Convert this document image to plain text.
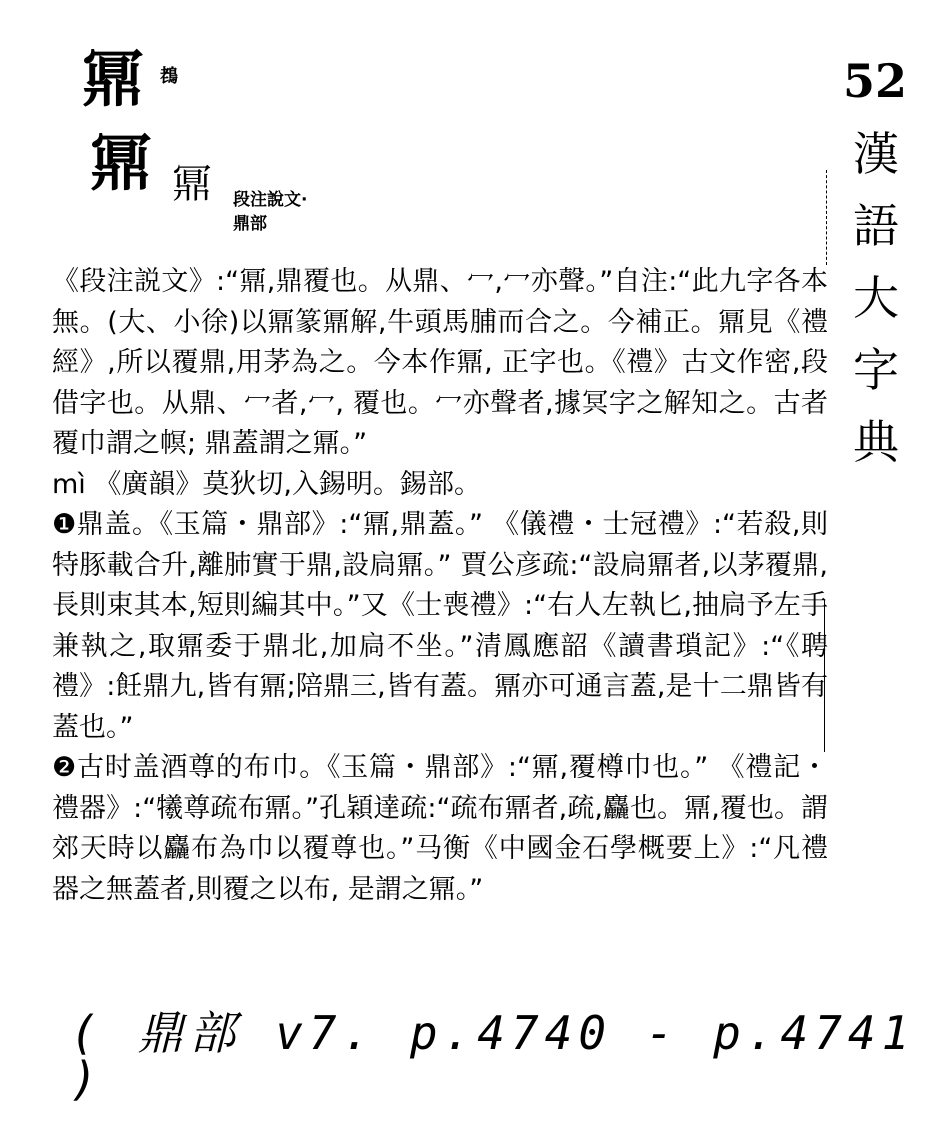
鼏 䳓
鼏 鼏 段注說文·
鼎部
52
漢
語
大
字
典

《段注説文》:“鼏,鼎覆也。从鼎、冖,冖亦聲。”自注:“此九字各本無。(大、小徐)以鼏篆鼏解,牛頭馬脯而合之。今補正。鼏見《禮經》,所以覆鼎,用茅為之。今本作鼏, 正字也。《禮》古文作密,段借字也。从鼎、冖者,冖, 覆也。冖亦聲者,據冥字之解知之。古者覆巾謂之幎; 鼎蓋謂之鼏。”

mì 《廣韻》莫狄切,入錫明。錫部。

❶鼎盖。《玉篇・鼎部》:“鼏,鼎蓋。” 《儀禮・士冠禮》:“若殺,則特豚載合升,離肺實于鼎,設扃鼏。” 賈公彦疏:“設扃鼏者,以茅覆鼎,長則束其本,短則編其中。”又《士喪禮》:“右人左執匕,抽扃予左手兼執之,取鼏委于鼎北,加扃不坐。”清鳳應韶《讀書瑣記》:“《聘禮》:飪鼎九,皆有鼏;陪鼎三,皆有蓋。鼏亦可通言蓋,是十二鼎皆有蓋也。”

❷古时盖酒尊的布巾。《玉篇・鼎部》:“鼏,覆樽巾也。” 《禮記・禮器》:“犧尊疏布鼏。”孔穎達疏:“疏布鼏者,疏,麤也。鼏,覆也。謂郊天時以麤布為巾以覆尊也。”马衡《中國金石學概要上》:“凡禮器之無蓋者,則覆之以布, 是謂之鼏。”

( 鼎部 v7. p.4740 - p.4741 )
